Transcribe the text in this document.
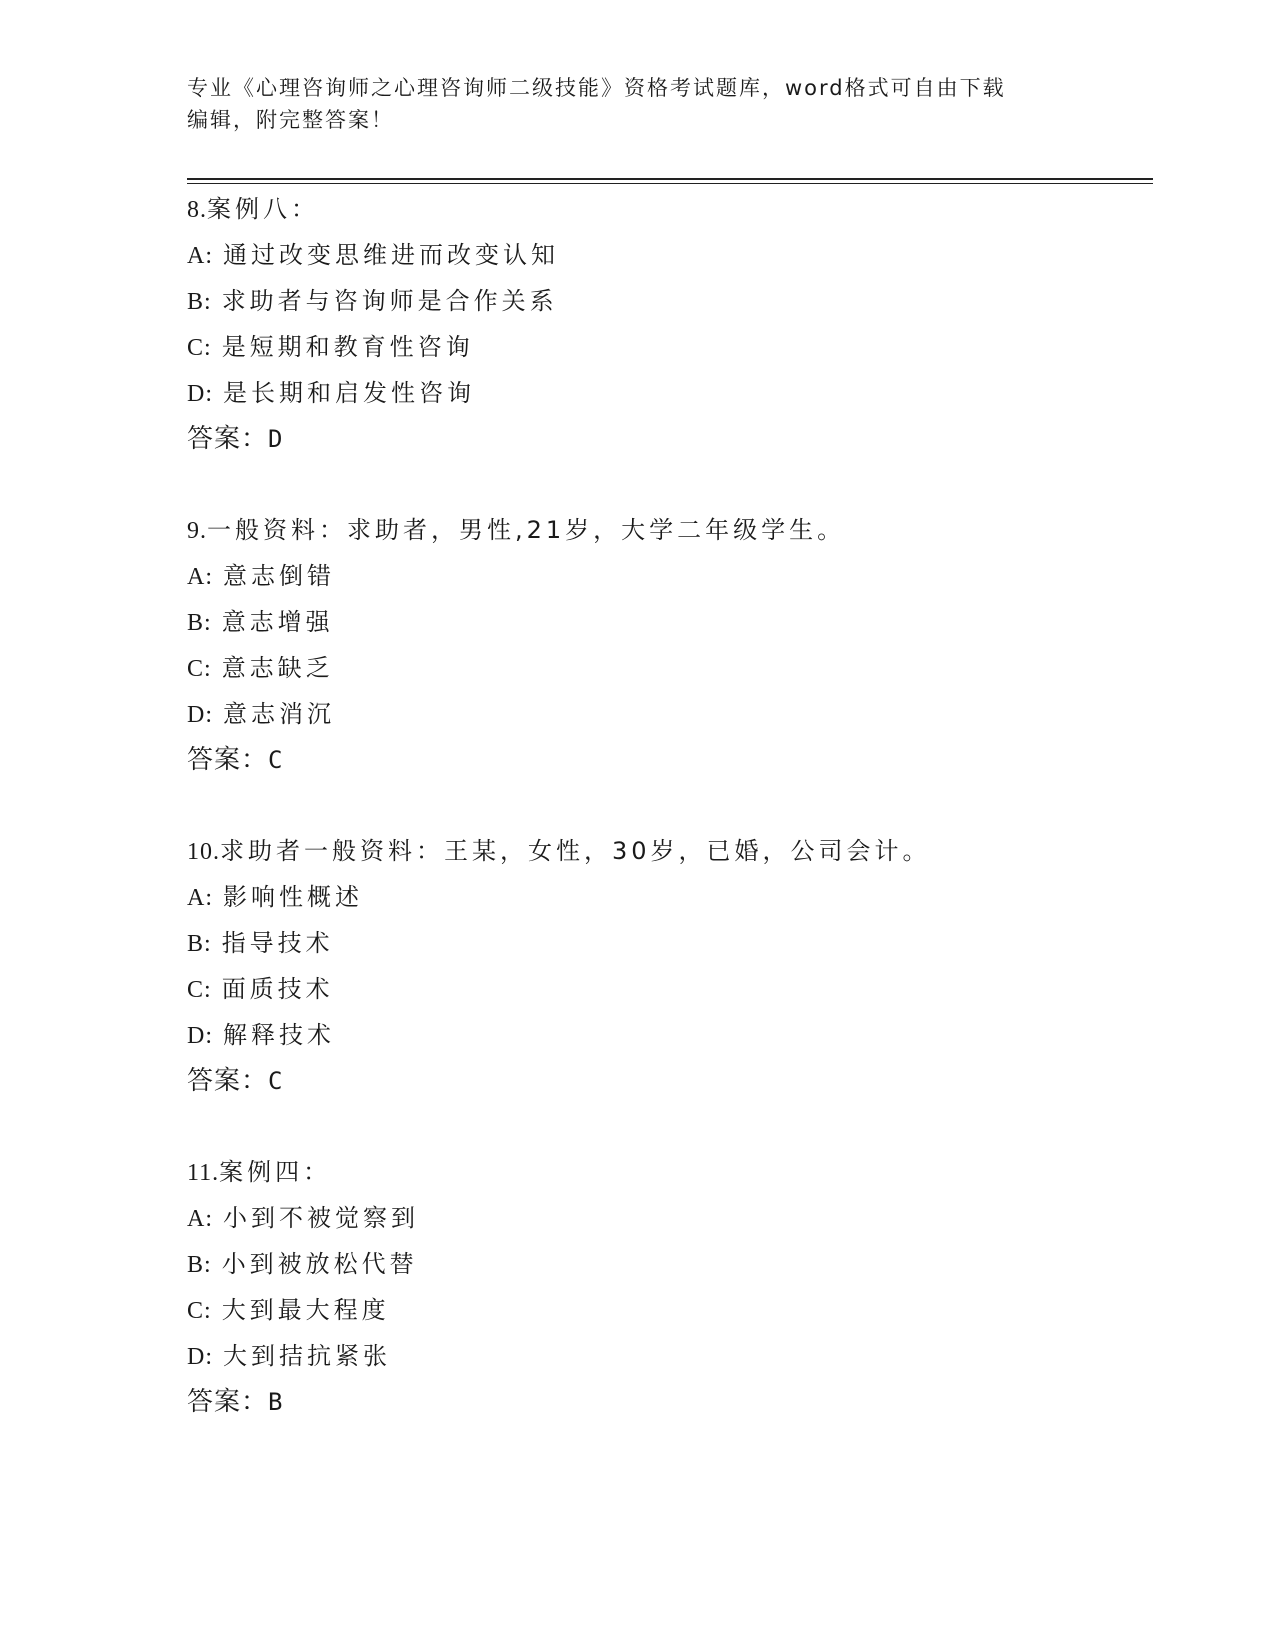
专业《心理咨询师之心理咨询师二级技能》资格考试题库，word格式可自由下载
编辑，附完整答案！
8.案例八：
A: 通过改变思维进而改变认知
B: 求助者与咨询师是合作关系
C: 是短期和教育性咨询
D: 是长期和启发性咨询
答案：D
9.一般资料：求助者，男性,21岁，大学二年级学生。
A: 意志倒错
B: 意志增强
C: 意志缺乏
D: 意志消沉
答案：C
10.求助者一般资料：王某，女性，30岁，已婚，公司会计。
A: 影响性概述
B: 指导技术
C: 面质技术
D: 解释技术
答案：C
11.案例四：
A: 小到不被觉察到
B: 小到被放松代替
C: 大到最大程度
D: 大到拮抗紧张
答案：B
